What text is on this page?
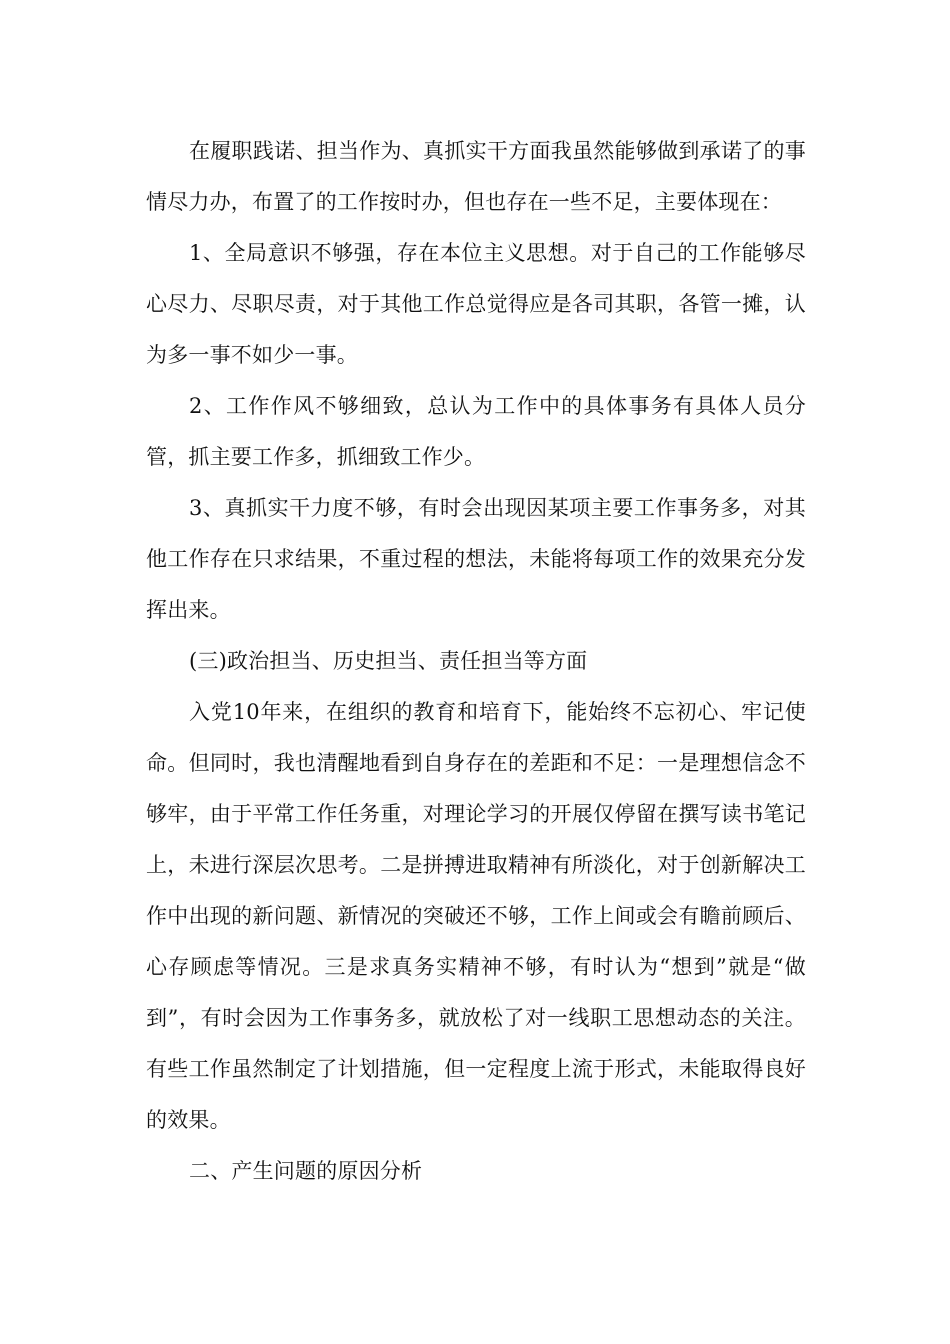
在履职践诺、担当作为、真抓实干方面我虽然能够做到承诺了的事情尽力办，布置了的工作按时办，但也存在一些不足，主要体现在：

1、全局意识不够强，存在本位主义思想。对于自己的工作能够尽心尽力、尽职尽责，对于其他工作总觉得应是各司其职，各管一摊，认为多一事不如少一事。

2、工作作风不够细致，总认为工作中的具体事务有具体人员分管，抓主要工作多，抓细致工作少。

3、真抓实干力度不够，有时会出现因某项主要工作事务多，对其他工作存在只求结果，不重过程的想法，未能将每项工作的效果充分发挥出来。

(三)政治担当、历史担当、责任担当等方面

入党10年来，在组织的教育和培育下，能始终不忘初心、牢记使命。但同时，我也清醒地看到自身存在的差距和不足：一是理想信念不够牢，由于平常工作任务重，对理论学习的开展仅停留在撰写读书笔记上，未进行深层次思考。二是拼搏进取精神有所淡化，对于创新解决工作中出现的新问题、新情况的突破还不够，工作上间或会有瞻前顾后、心存顾虑等情况。三是求真务实精神不够，有时认为“想到”就是“做到”，有时会因为工作事务多，就放松了对一线职工思想动态的关注。有些工作虽然制定了计划措施，但一定程度上流于形式，未能取得良好的效果。

二、产生问题的原因分析
